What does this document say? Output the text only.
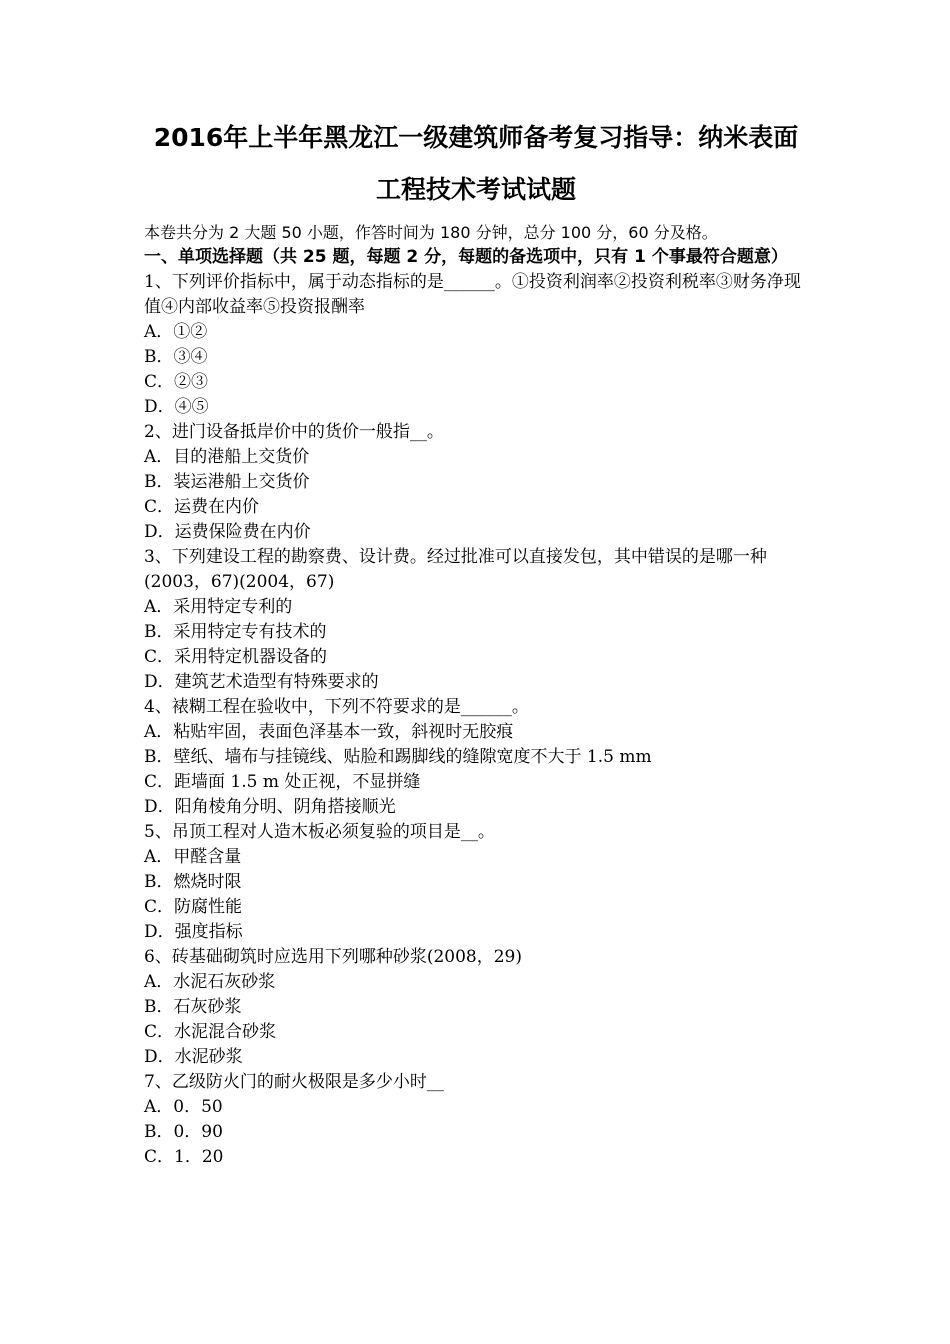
2016年上半年黑龙江一级建筑师备考复习指导：纳米表面
工程技术考试试题

本卷共分为 2 大题 50 小题，作答时间为 180 分钟，总分 100 分，60 分及格。

一、单项选择题（共 25 题，每题 2 分，每题的备选项中，只有 1 个事最符合题意）

1、下列评价指标中，属于动态指标的是______。①投资利润率②投资利税率③财务净现值④内部收益率⑤投资报酬率

A．①②

B．③④

C．②③

D．④⑤

2、进门设备抵岸价中的货价一般指__。

A．目的港船上交货价

B．装运港船上交货价

C．运费在内价

D．运费保险费在内价

3、下列建设工程的勘察费、设计费。经过批准可以直接发包，其中错误的是哪一种(2003，67)(2004，67)

A．采用特定专利的

B．采用特定专有技术的

C．采用特定机器设备的

D．建筑艺术造型有特殊要求的

4、裱糊工程在验收中，下列不符要求的是______。

A．粘贴牢固，表面色泽基本一致，斜视时无胶痕

B．壁纸、墙布与挂镜线、贴脸和踢脚线的缝隙宽度不大于 1.5 mm

C．距墙面 1.5 m 处正视，不显拼缝

D．阳角棱角分明、阴角搭接顺光

5、吊顶工程对人造木板必须复验的项目是__。

A．甲醛含量

B．燃烧时限

C．防腐性能

D．强度指标

6、砖基础砌筑时应选用下列哪种砂浆(2008，29)

A．水泥石灰砂浆

B．石灰砂浆

C．水泥混合砂浆

D．水泥砂浆

7、乙级防火门的耐火极限是多少小时__

A．0．50

B．0．90

C．1．20
